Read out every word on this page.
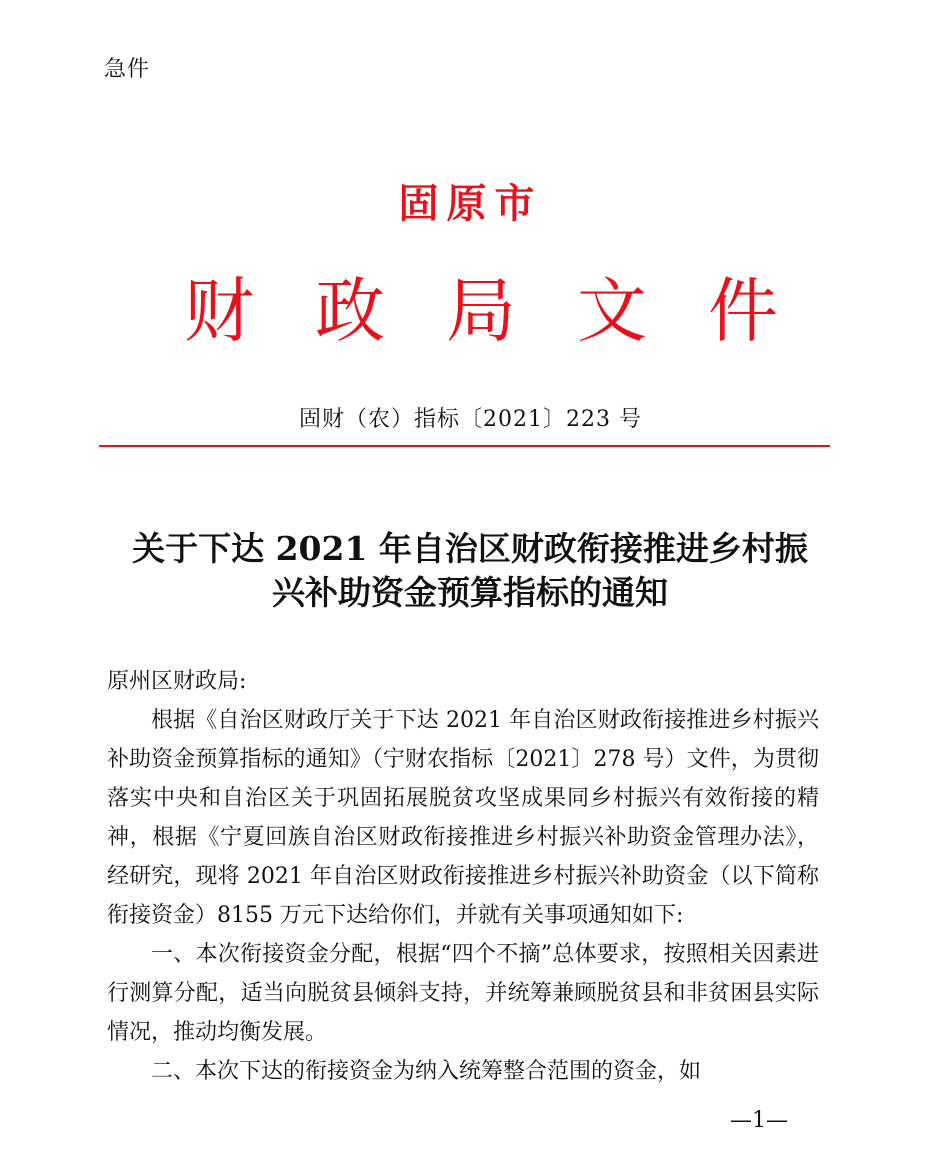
急件
固原市
财 政 局 文 件
固财（农）指标〔2021〕223 号
关于下达 2021 年自治区财政衔接推进乡村振
兴补助资金预算指标的通知

原州区财政局:

根据《自治区财政厅关于下达 2021 年自治区财政衔接推进乡村振兴补助资金预算指标的通知》（宁财农指标〔2021〕278 号）文件，为贯彻落实中央和自治区关于巩固拓展脱贫攻坚成果同乡村振兴有效衔接的精神，根据《宁夏回族自治区财政衔接推进乡村振兴补助资金管理办法》，经研究，现将 2021 年自治区财政衔接推进乡村振兴补助资金（以下简称衔接资金）8155 万元下达给你们，并就有关事项通知如下:

一、本次衔接资金分配，根据“四个不摘”总体要求，按照相关因素进行测算分配，适当向脱贫县倾斜支持，并统筹兼顾脱贫县和非贫困县实际情况，推动均衡发展。

二、本次下达的衔接资金为纳入统筹整合范围的资金，如

—1—
